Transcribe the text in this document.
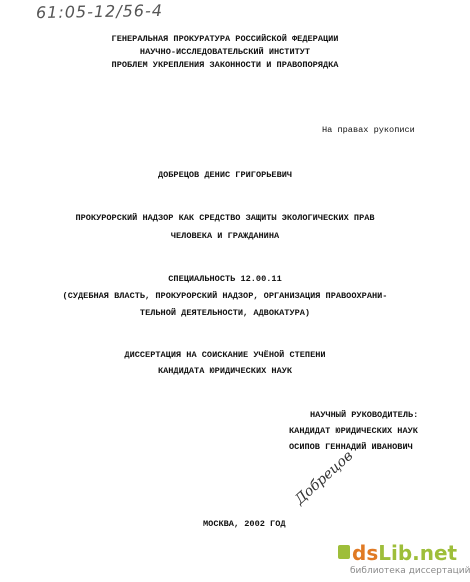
61:05-12/56-4
ГЕНЕРАЛЬНАЯ ПРОКУРАТУРА РОССИЙСКОЙ ФЕДЕРАЦИИ
НАУЧНО-ИССЛЕДОВАТЕЛЬСКИЙ ИНСТИТУТ
ПРОБЛЕМ УКРЕПЛЕНИЯ ЗАКОННОСТИ И ПРАВОПОРЯДКА
На правах рукописи
ДОБРЕЦОВ ДЕНИС ГРИГОРЬЕВИЧ
ПРОКУРОРСКИЙ НАДЗОР КАК СРЕДСТВО ЗАЩИТЫ ЭКОЛОГИЧЕСКИХ ПРАВ
ЧЕЛОВЕКА И ГРАЖДАНИНА
СПЕЦИАЛЬНОСТЬ 12.00.11
(СУДЕБНАЯ ВЛАСТЬ, ПРОКУРОРСКИЙ НАДЗОР, ОРГАНИЗАЦИЯ ПРАВООХРАНИ-
ТЕЛЬНОЙ ДЕЯТЕЛЬНОСТИ, АДВОКАТУРА)
ДИССЕРТАЦИЯ НА СОИСКАНИЕ УЧЁНОЙ СТЕПЕНИ
КАНДИДАТА ЮРИДИЧЕСКИХ НАУК
НАУЧНЫЙ РУКОВОДИТЕЛЬ:
КАНДИДАТ ЮРИДИЧЕСКИХ НАУК
ОСИПОВ ГЕННАДИЙ ИВАНОВИЧ
МОСКВА, 2002 ГОД
Добрецов
dsLib.net
библиотека диссертаций
